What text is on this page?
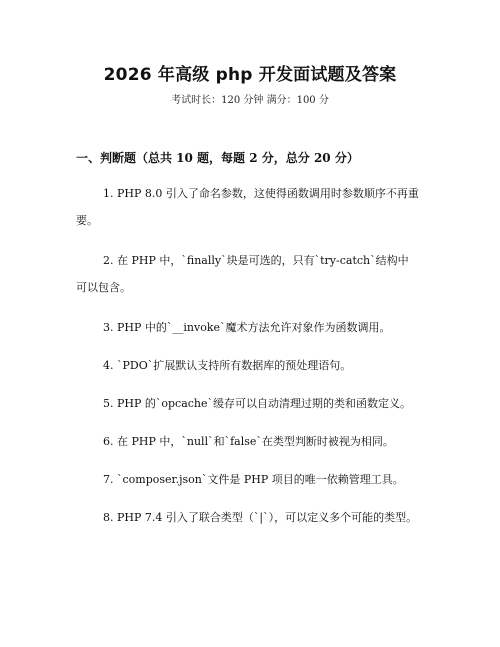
2026 年高级 php 开发面试题及答案
考试时长：120 分钟 满分：100 分
一、判断题（总共 10 题，每题 2 分，总分 20 分）
1. PHP 8.0 引入了命名参数，这使得函数调用时参数顺序不再重
要。
2. 在 PHP 中，`finally`块是可选的，只有`try-catch`结构中
可以包含。
3. PHP 中的`__invoke`魔术方法允许对象作为函数调用。
4. `PDO`扩展默认支持所有数据库的预处理语句。
5. PHP 的`opcache`缓存可以自动清理过期的类和函数定义。
6. 在 PHP 中，`null`和`false`在类型判断时被视为相同。
7. `composer.json`文件是 PHP 项目的唯一依赖管理工具。
8. PHP 7.4 引入了联合类型（`|`），可以定义多个可能的类型。
